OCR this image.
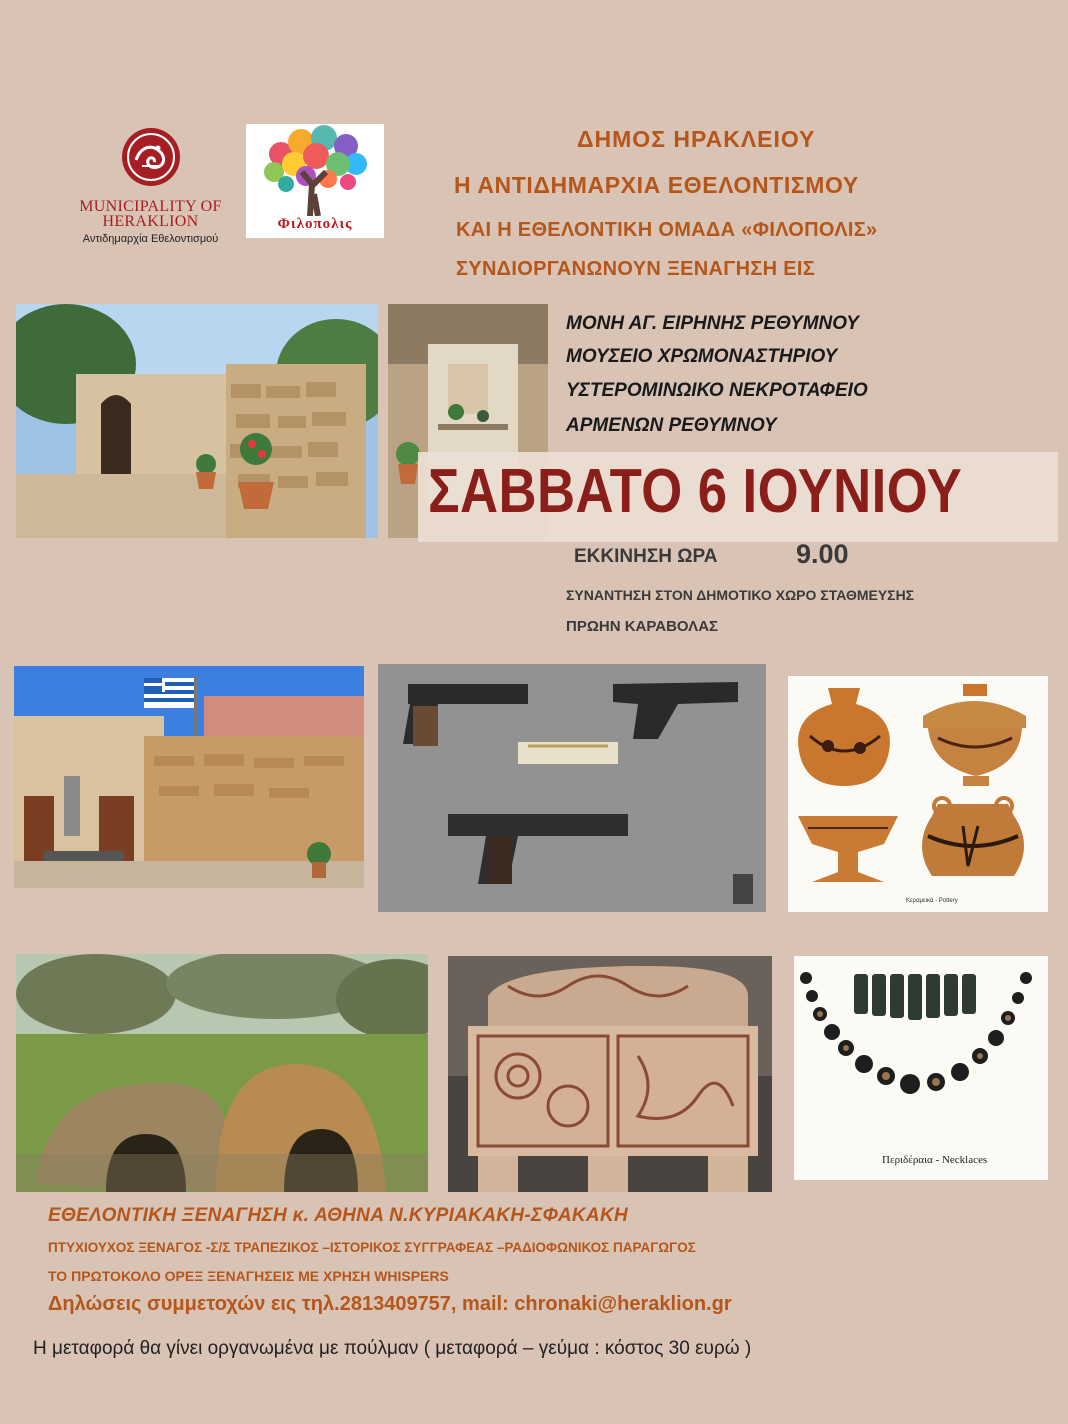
MUNICIPALITY OF HERAKLION
Αντιδημαρχία Εθελοντισμού
Φιλοπολις
ΔΗΜΟΣ ΗΡΑΚΛΕΙΟΥ
Η ΑΝΤΙΔΗΜΑΡΧΙΑ ΕΘΕΛΟΝΤΙΣΜΟΥ
ΚΑΙ Η ΕΘΕΛΟΝΤΙΚΗ ΟΜΑΔΑ «ΦΙΛΟΠΟΛΙΣ»
ΣΥΝΔΙΟΡΓΑΝΩΝΟΥΝ ΞΕΝΑΓΗΣΗ ΕΙΣ
ΜΟΝΗ ΑΓ. ΕΙΡΗΝΗΣ ΡΕΘΥΜΝΟΥ
ΜΟΥΣΕΙΟ ΧΡΩΜΟΝΑΣΤΗΡΙΟΥ
ΥΣΤΕΡΟΜΙΝΩΙΚΟ ΝΕΚΡΟΤΑΦΕΙΟ
ΑΡΜΕΝΩΝ ΡΕΘΥΜΝΟΥ
ΣΑΒΒΑΤΟ 6 ΙΟΥΝΙΟΥ
ΕΚΚΙΝΗΣΗ ΩΡΑ	9.00
ΣΥΝΑΝΤΗΣΗ ΣΤΟΝ ΔΗΜΟΤΙΚΟ ΧΩΡΟ ΣΤΑΘΜΕΥΣΗΣ
ΠΡΩΗΝ ΚΑΡΑΒΟΛΑΣ
Κεραμεικά - Pottery
Περιδέραια - Necklaces
ΕΘΕΛΟΝΤΙΚΗ ΞΕΝΑΓΗΣΗ κ. ΑΘΗΝΑ Ν.ΚΥΡΙΑΚΑΚΗ-ΣΦΑΚΑΚΗ
ΠΤΥΧΙΟΥΧΟΣ ΞΕΝΑΓΟΣ -Σ/Σ ΤΡΑΠΕΖΙΚΟΣ –ΙΣΤΟΡΙΚΟΣ ΣΥΓΓΡΑΦΕΑΣ –ΡΑΔΙΟΦΩΝΙΚΟΣ ΠΑΡΑΓΩΓΟΣ
ΤΟ ΠΡΩΤΟΚΟΛΟ ΟΡΕΞ ΞΕΝΑΓΗΣΕΙΣ ΜΕ ΧΡΗΣΗ WHISPERS
Δηλώσεις συμμετοχών εις τηλ.2813409757, mail: chronaki@heraklion.gr
Η μεταφορά θα γίνει οργανωμένα με πούλμαν ( μεταφορά – γεύμα : κόστος 30 ευρώ )
